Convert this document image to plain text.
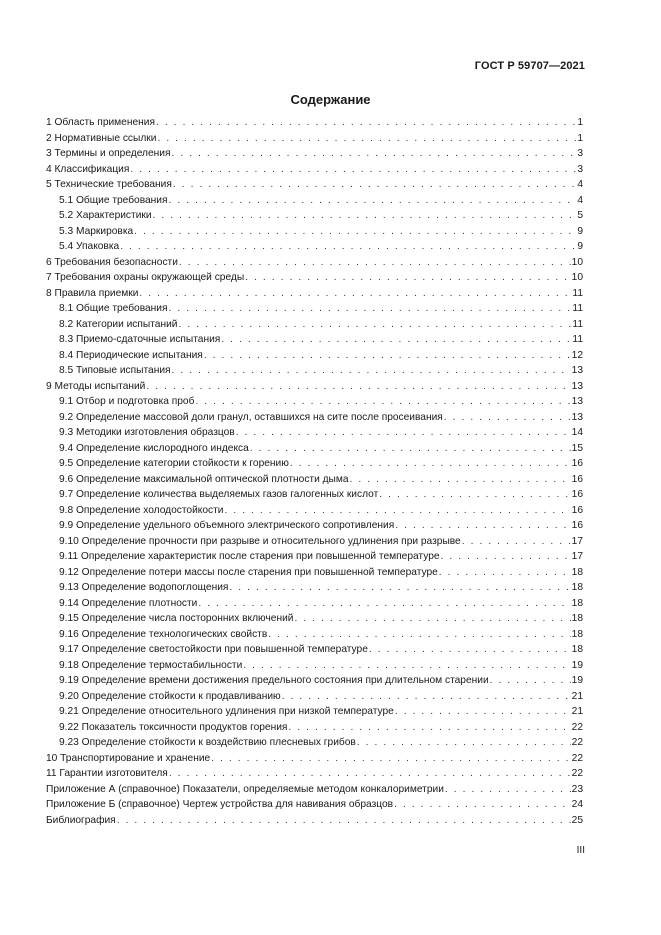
ГОСТ Р 59707—2021
Содержание
1 Область применения . . .	1
2 Нормативные ссылки . . .	1
3 Термины и определения . . .	3
4 Классификация . . .	3
5 Технические требования . . .	4
5.1 Общие требования . . .	4
5.2 Характеристики . . .	5
5.3 Маркировка . . .	9
5.4 Упаковка . . .	9
6 Требования безопасности . . .	10
7 Требования охраны окружающей среды . . .	10
8 Правила приемки . . .	11
8.1 Общие требования . . .	11
8.2 Категории испытаний . . .	11
8.3 Приемо-сдаточные испытания . . .	11
8.4 Периодические испытания . . .	12
8.5 Типовые испытания . . .	13
9 Методы испытаний . . .	13
9.1 Отбор и подготовка проб . . .	13
9.2 Определение массовой доли гранул, оставшихся на сите после просеивания . . .	13
9.3 Методики изготовления образцов . . .	14
9.4 Определение кислородного индекса . . .	15
9.5 Определение категории стойкости к горению . . .	16
9.6 Определение максимальной оптической плотности дыма . . .	16
9.7 Определение количества выделяемых газов галогенных кислот . . .	16
9.8 Определение холодостойкости . . .	16
9.9 Определение удельного объемного электрического сопротивления . . .	16
9.10 Определение прочности при разрыве и относительного удлинения при разрыве . . .	17
9.11 Определение характеристик после старения при повышенной температуре . . .	17
9.12 Определение потери массы после старения при повышенной температуре . . .	18
9.13 Определение водопоглощения . . .	18
9.14 Определение плотности . . .	18
9.15 Определение числа посторонних включений . . .	18
9.16 Определение технологических свойств . . .	18
9.17 Определение светостойкости при повышенной температуре . . .	18
9.18 Определение термостабильности . . .	19
9.19 Определение времени достижения предельного состояния при длительном старении . . .	19
9.20 Определение стойкости к продавливанию . . .	21
9.21 Определение относительного удлинения при низкой температуре . . .	21
9.22 Показатель токсичности продуктов горения . . .	22
9.23 Определение стойкости к воздействию плесневых грибов . . .	22
10 Транспортирование и хранение . . .	22
11 Гарантии изготовителя . . .	22
Приложение А (справочное) Показатели, определяемые методом конкалориметрии . . .	23
Приложение Б (справочное) Чертеж устройства для навивания образцов . . .	24
Библиография . . .	25
III
